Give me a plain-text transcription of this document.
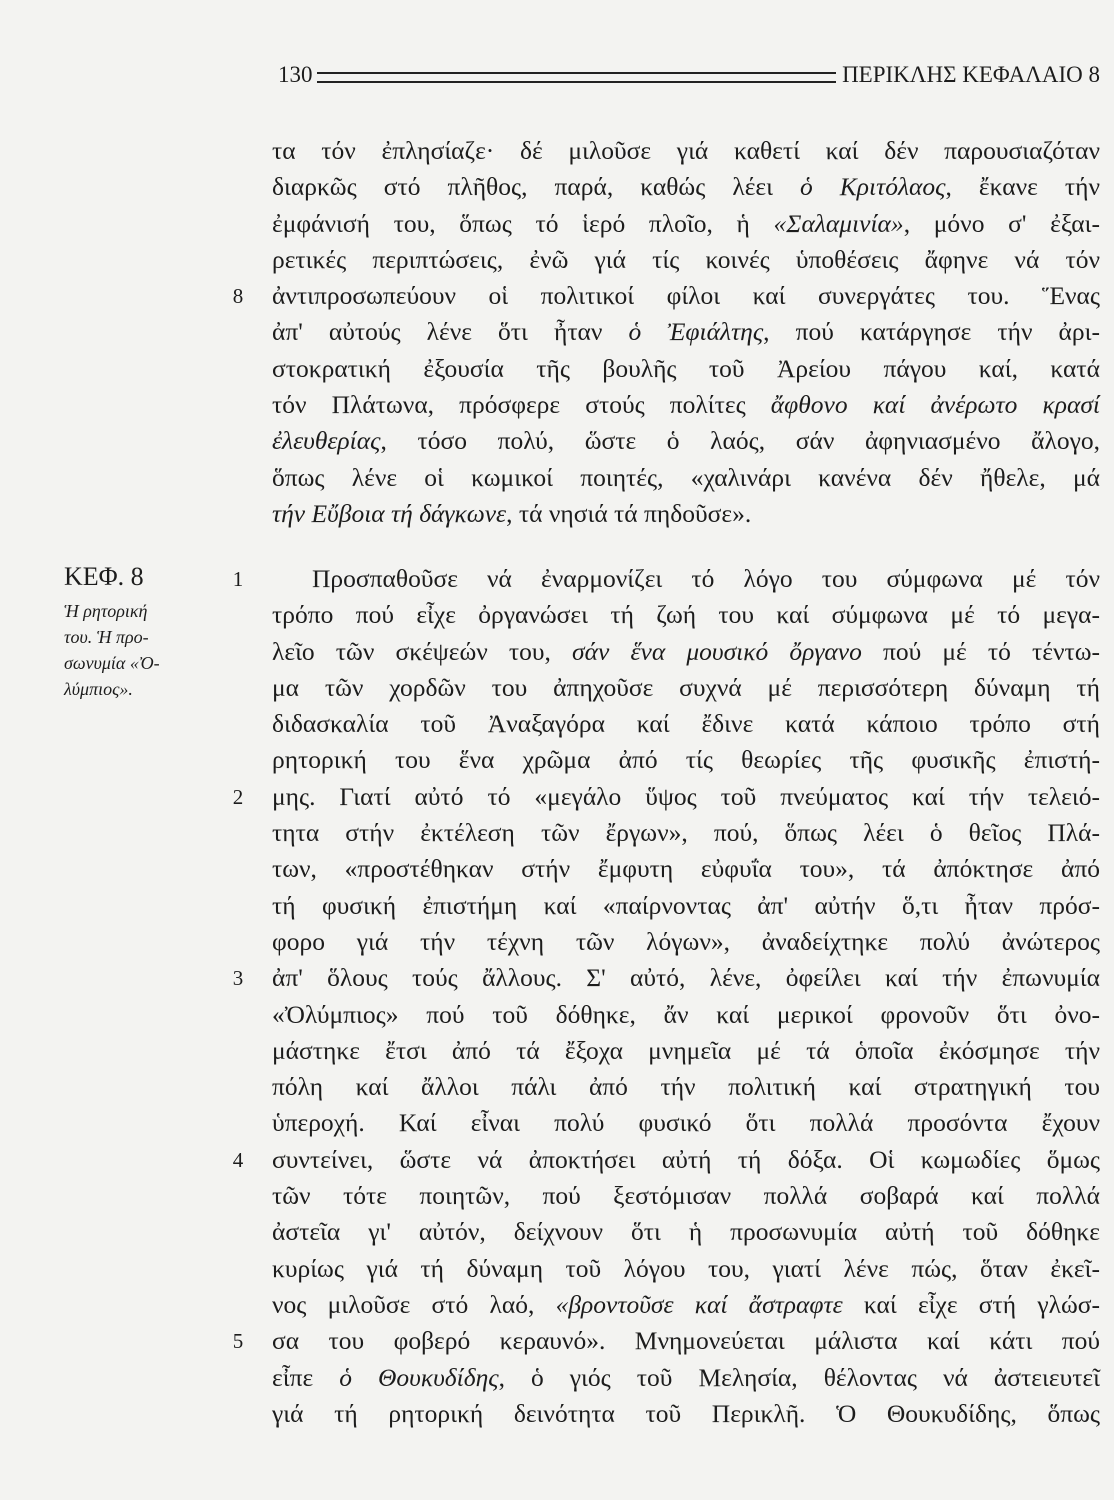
130	ΠΕΡΙΚΛΗΣ ΚΕΦΑΛΑΙΟ 8
ΚΕΦ. 8
Ἡ ρητορική
του. Ἡ προ-
σωνυμία «Ὀ-
λύμπιος».
τα τόν ἐπλησίαζε· δέ μιλοῦσε γιά καθετί καί δέν παρουσιαζόταν
διαρκῶς στό πλῆθος, παρά, καθώς λέει ὁ Κριτόλαος, ἔκανε τήν
ἐμφάνισή του, ὅπως τό ἱερό πλοῖο, ἡ «Σαλαμινία», μόνο σ' ἐξαι-
ρετικές περιπτώσεις, ἐνῶ γιά τίς κοινές ὑποθέσεις ἄφηνε νά τόν
ἀντιπροσωπεύουν οἱ πολιτικοί φίλοι καί συνεργάτες του. Ἕνας
ἀπ' αὐτούς λένε ὅτι ἦταν ὁ Ἐφιάλτης, πού κατάργησε τήν ἀρι-
στοκρατική ἐξουσία τῆς βουλῆς τοῦ Ἀρείου πάγου καί, κατά
τόν Πλάτωνα, πρόσφερε στούς πολίτες ἄφθονο καί ἀνέρωτο κρασί
ἐλευθερίας, τόσο πολύ, ὥστε ὁ λαός, σάν ἀφηνιασμένο ἄλογο,
ὅπως λένε οἱ κωμικοί ποιητές, «χαλινάρι κανένα δέν ἤθελε, μά
τήν Εὔβοια τή δάγκωνε, τά νησιά τά πηδοῦσε».
Προσπαθοῦσε νά ἐναρμονίζει τό λόγο του σύμφωνα μέ τόν
τρόπο πού εἶχε ὀργανώσει τή ζωή του καί σύμφωνα μέ τό μεγα-
λεῖο τῶν σκέψεών του, σάν ἕνα μουσικό ὄργανο πού μέ τό τέντω-
μα τῶν χορδῶν του ἀπηχοῦσε συχνά μέ περισσότερη δύναμη τή
διδασκαλία τοῦ Ἀναξαγόρα καί ἔδινε κατά κάποιο τρόπο στή
ρητορική του ἕνα χρῶμα ἀπό τίς θεωρίες τῆς φυσικῆς ἐπιστή-
μης. Γιατί αὐτό τό «μεγάλο ὕψος τοῦ πνεύματος καί τήν τελειό-
τητα στήν ἐκτέλεση τῶν ἔργων», πού, ὅπως λέει ὁ θεῖος Πλά-
των, «προστέθηκαν στήν ἔμφυτη εὐφυΐα του», τά ἀπόκτησε ἀπό
τή φυσική ἐπιστήμη καί «παίρνοντας ἀπ' αὐτήν ὅ,τι ἦταν πρόσ-
φορο γιά τήν τέχνη τῶν λόγων», ἀναδείχτηκε πολύ ἀνώτερος
ἀπ' ὅλους τούς ἄλλους. Σ' αὐτό, λένε, ὀφείλει καί τήν ἐπωνυμία
«Ὀλύμπιος» πού τοῦ δόθηκε, ἄν καί μερικοί φρονοῦν ὅτι ὀνο-
μάστηκε ἔτσι ἀπό τά ἔξοχα μνημεῖα μέ τά ὁποῖα ἐκόσμησε τήν
πόλη καί ἄλλοι πάλι ἀπό τήν πολιτική καί στρατηγική του
ὑπεροχή. Καί εἶναι πολύ φυσικό ὅτι πολλά προσόντα ἔχουν
συντείνει, ὥστε νά ἀποκτήσει αὐτή τή δόξα. Οἱ κωμωδίες ὅμως
τῶν τότε ποιητῶν, πού ξεστόμισαν πολλά σοβαρά καί πολλά
ἀστεῖα γι' αὐτόν, δείχνουν ὅτι ἡ προσωνυμία αὐτή τοῦ δόθηκε
κυρίως γιά τή δύναμη τοῦ λόγου του, γιατί λένε πώς, ὅταν ἐκεῖ-
νος μιλοῦσε στό λαό, «βροντοῦσε καί ἄστραφτε καί εἶχε στή γλώσ-
σα του φοβερό κεραυνό». Μνημονεύεται μάλιστα καί κάτι πού
εἶπε ὁ Θουκυδίδης, ὁ γιός τοῦ Μελησία, θέλοντας νά ἀστειευτεῖ
γιά τή ρητορική δεινότητα τοῦ Περικλῆ. Ὁ Θουκυδίδης, ὅπως
8
1
2
3
4
5
